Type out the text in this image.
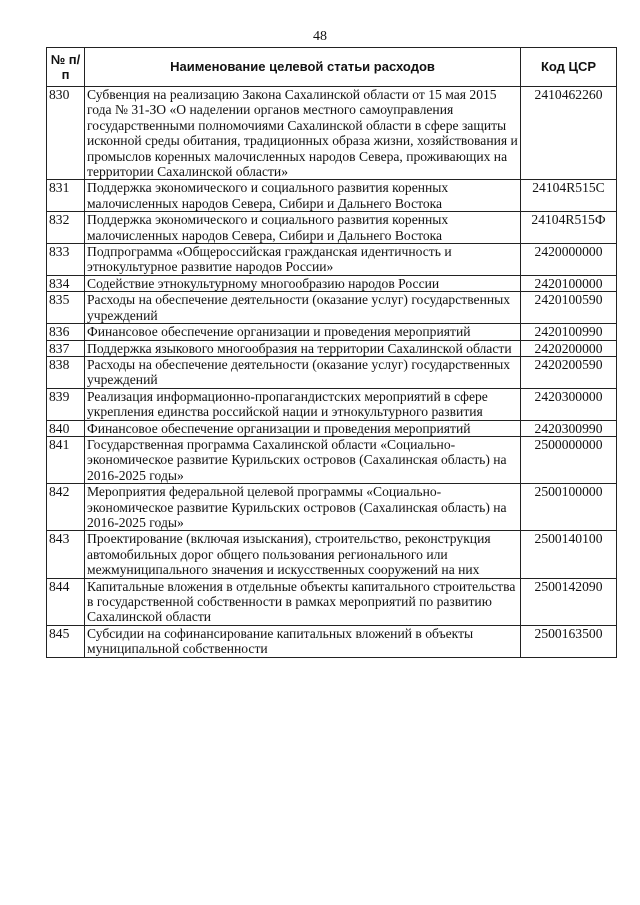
48
№ п/п	Наименование целевой статьи расходов	Код ЦСР
830	Субвенция на реализацию Закона Сахалинской области от 15 мая 2015 года № 31-ЗО «О наделении органов местного самоуправления государственными полномочиями Сахалинской области в сфере защиты исконной среды обитания, традиционных образа жизни, хозяйствования и промыслов коренных малочисленных народов Севера, проживающих на территории Сахалинской области»	2410462260
831	Поддержка экономического и социального развития коренных малочисленных народов Севера, Сибири и Дальнего Востока	24104R515C
832	Поддержка экономического и социального развития коренных малочисленных народов Севера, Сибири и Дальнего Востока	24104R515Ф
833	Подпрограмма «Общероссийская гражданская идентичность и этнокультурное развитие народов России»	2420000000
834	Содействие этнокультурному многообразию народов России	2420100000
835	Расходы на обеспечение деятельности (оказание услуг) государственных учреждений	2420100590
836	Финансовое обеспечение организации и проведения мероприятий	2420100990
837	Поддержка языкового многообразия на территории Сахалинской области	2420200000
838	Расходы на обеспечение деятельности (оказание услуг) государственных учреждений	2420200590
839	Реализация информационно-пропагандистских мероприятий в сфере укрепления единства российской нации и этнокультурного развития	2420300000
840	Финансовое обеспечение организации и проведения мероприятий	2420300990
841	Государственная программа Сахалинской области «Социально-экономическое развитие Курильских островов (Сахалинская область) на 2016-2025 годы»	2500000000
842	Мероприятия федеральной целевой программы «Социально-экономическое развитие Курильских островов (Сахалинская область) на 2016-2025 годы»	2500100000
843	Проектирование (включая изыскания), строительство, реконструкция автомобильных дорог общего пользования регионального или межмуниципального значения и искусственных сооружений на них	2500140100
844	Капитальные вложения в отдельные объекты капитального строительства в государственной собственности в рамках мероприятий по развитию Сахалинской области	2500142090
845	Субсидии на софинансирование капитальных вложений в объекты муниципальной собственности	2500163500
